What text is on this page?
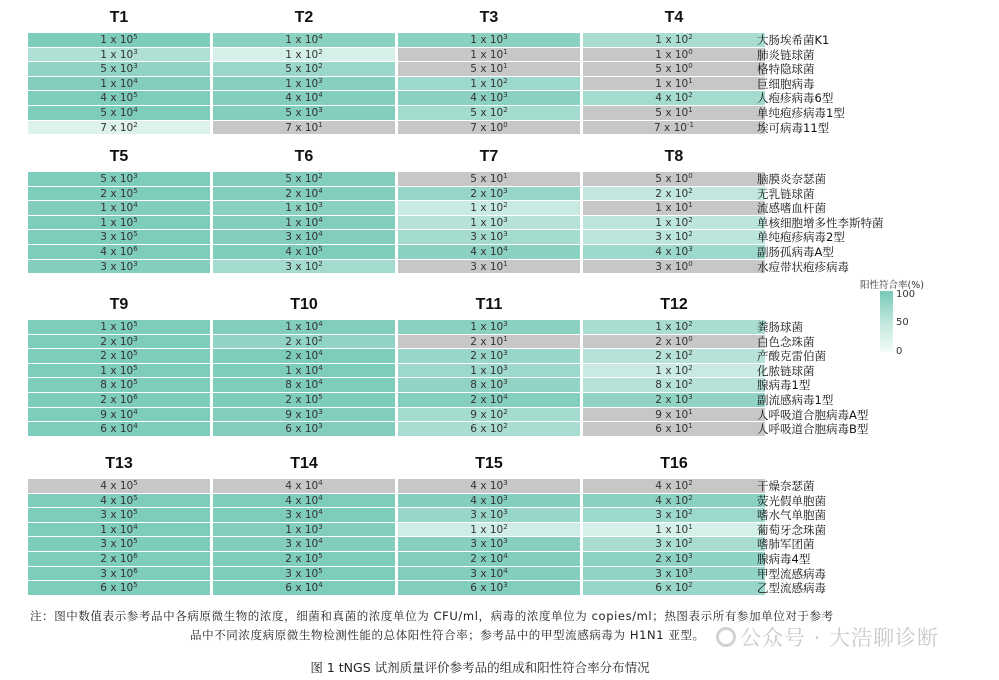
T1
1 x $10^5$
1 x $10^3$
5 x $10^3$
1 x $10^4$
4 x $10^5$
5 x $10^4$
7 x $10^2$
T2
1 x $10^4$
1 x $10^2$
5 x $10^2$
1 x $10^3$
4 x $10^4$
5 x $10^3$
7 x $10^1$
T3
1 x $10^3$
1 x $10^1$
5 x $10^1$
1 x $10^2$
4 x $10^3$
5 x $10^2$
7 x $10^0$
T4
1 x $10^2$
1 x $10^0$
5 x $10^0$
1 x $10^1$
4 x $10^2$
5 x $10^1$
7 x $10^{-1}$
大肠埃希菌K1
肺炎链球菌
格特隐球菌
巨细胞病毒
人疱疹病毒6型
单纯疱疹病毒1型
埃可病毒11型
T5
5 x $10^3$
2 x $10^5$
1 x $10^4$
1 x $10^5$
3 x $10^5$
4 x $10^6$
3 x $10^3$
T6
5 x $10^2$
2 x $10^4$
1 x $10^3$
1 x $10^4$
3 x $10^4$
4 x $10^5$
3 x $10^2$
T7
5 x $10^1$
2 x $10^3$
1 x $10^2$
1 x $10^3$
3 x $10^3$
4 x $10^4$
3 x $10^1$
T8
5 x $10^0$
2 x $10^2$
1 x $10^1$
1 x $10^2$
3 x $10^2$
4 x $10^3$
3 x $10^0$
脑膜炎奈瑟菌
无乳链球菌
流感嗜血杆菌
单核细胞增多性李斯特菌
单纯疱疹病毒2型
副肠孤病毒A型
水痘带状疱疹病毒
T9
1 x $10^5$
2 x $10^3$
2 x $10^5$
1 x $10^5$
8 x $10^5$
2 x $10^6$
9 x $10^4$
6 x $10^4$
T10
1 x $10^4$
2 x $10^2$
2 x $10^4$
1 x $10^4$
8 x $10^4$
2 x $10^5$
9 x $10^3$
6 x $10^3$
T11
1 x $10^3$
2 x $10^1$
2 x $10^3$
1 x $10^3$
8 x $10^3$
2 x $10^4$
9 x $10^2$
6 x $10^2$
T12
1 x $10^2$
2 x $10^0$
2 x $10^2$
1 x $10^2$
8 x $10^2$
2 x $10^3$
9 x $10^1$
6 x $10^1$
粪肠球菌
白色念珠菌
产酸克雷伯菌
化脓链球菌
腺病毒1型
副流感病毒1型
人呼吸道合胞病毒A型
人呼吸道合胞病毒B型
T13
4 x $10^5$
4 x $10^5$
3 x $10^5$
1 x $10^4$
3 x $10^5$
2 x $10^6$
3 x $10^6$
6 x $10^5$
T14
4 x $10^4$
4 x $10^4$
3 x $10^4$
1 x $10^3$
3 x $10^4$
2 x $10^5$
3 x $10^5$
6 x $10^4$
T15
4 x $10^3$
4 x $10^3$
3 x $10^3$
1 x $10^2$
3 x $10^3$
2 x $10^4$
3 x $10^4$
6 x $10^3$
T16
4 x $10^2$
4 x $10^2$
3 x $10^2$
1 x $10^1$
3 x $10^2$
2 x $10^3$
3 x $10^3$
6 x $10^2$
干燥奈瑟菌
荧光假单胞菌
嗜水气单胞菌
葡萄牙念珠菌
嗜肺军团菌
腺病毒4型
甲型流感病毒
乙型流感病毒
阳性符合率(%)
100
50
0
注：图中数值表示参考品中各病原微生物的浓度，细菌和真菌的浓度单位为 CFU/ml，病毒的浓度单位为 copies/ml；热图表示所有参加单位对于参考
品中不同浓度病原微生物检测性能的总体阳性符合率；参考品中的甲型流感病毒为 H1N1 亚型。	公众号 · 大浩聊诊断
图 1 tNGS 试剂质量评价参考品的组成和阳性符合率分布情况
